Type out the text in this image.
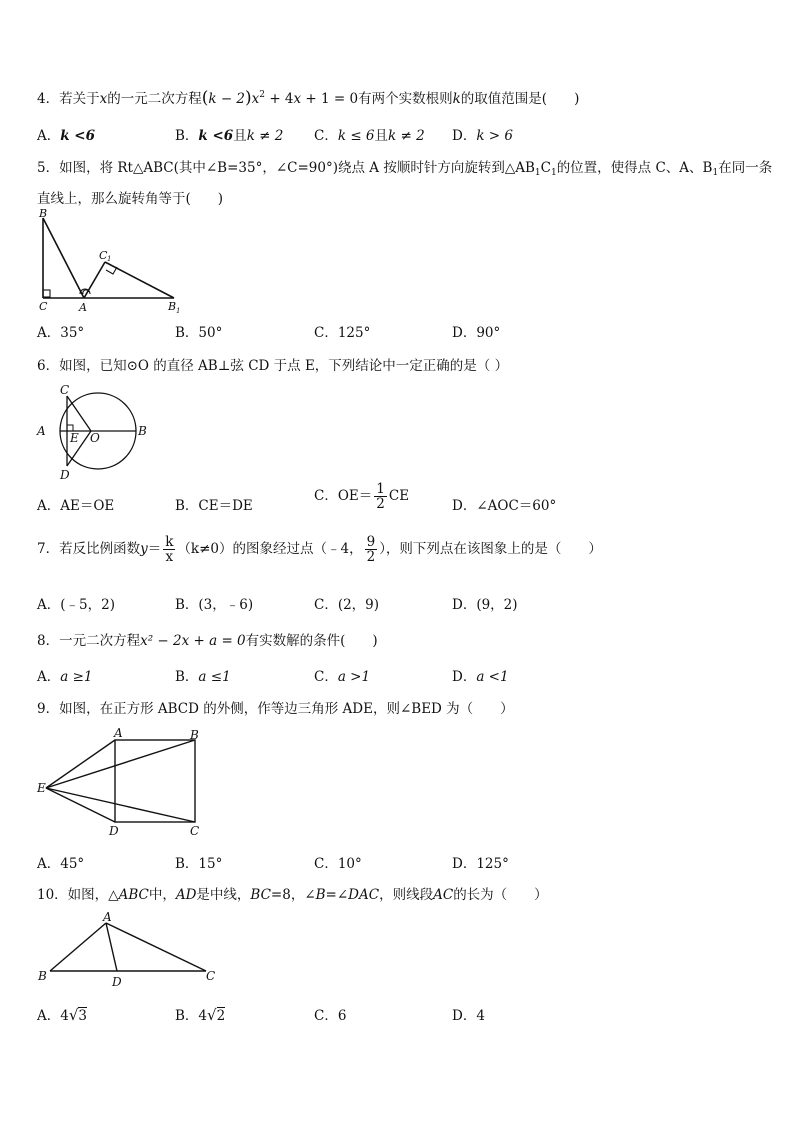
4．若关于x的一元二次方程$(k - 2)x^2 + 4x + 1 = 0$有两个实数根则k的取值范围是(　　)
A．k <6	B．k <6且k ≠ 2 C．k ≤ 6且k ≠ 2 D．k > 6
5．如图，将 Rt△ABC(其中∠B=35°，∠C=90°)绕点 A 按顺时针方向旋转到$\triangle AB_1C_1$的位置，使得点 C、A、$B_1$在同一条
直线上，那么旋转角等于(　　)
B
C	A
C 1
B 1
A．35°	B．50°	C．125°	D．90°
6．如图，已知⊙O 的直径 AB⊥弦 CD 于点 E，下列结论中一定正确的是（ ）
C
A E O	B
D
A．AE＝OE	B．CE＝DE
C．$OE= \frac{1}{2}$ CE
D．∠AOC＝60°
7．若反比例函数$y= \frac{k}{x} (k\ne 0)$的图象经过点（﹣4， $\frac{9}{2}$ ），则下列点在该图象上的是（　　）
A．(﹣5，2)	B．(3，﹣6)	C．(2，9)	D．(9，2)
8．一元二次方程x² − 2x + a = 0有实数解的条件(　　)
A．a ≥1	B．a ≤1	C．a >1	D．a <1
9．如图，在正方形 ABCD 的外侧，作等边三角形 ADE，则∠BED 为（　　）
A	B
E
D	C
A．45°	B．15°	C．10°	D．125°
10．如图，△ABC中，AD是中线，BC=8，∠B=∠DAC，则线段AC的长为（　　）
A
B	D	C
A．4√3	B．4√2	C．6	D．4
